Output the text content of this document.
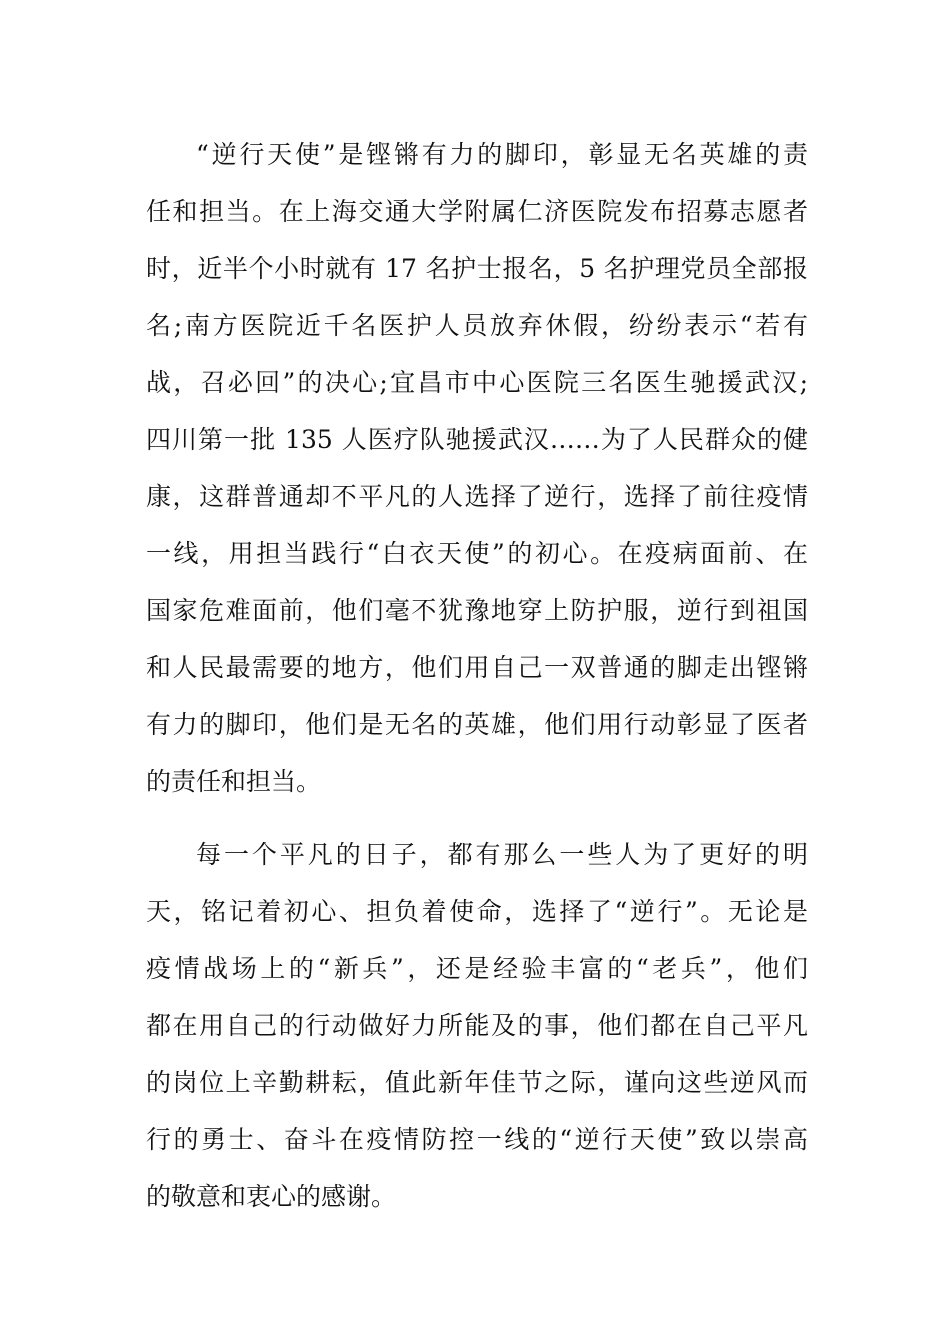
“逆行天使”是铿锵有力的脚印，彰显无名英雄的责
任和担当。在上海交通大学附属仁济医院发布招募志愿者
时，近半个小时就有 17 名护士报名，5 名护理党员全部报
名;南方医院近千名医护人员放弃休假，纷纷表示“若有
战，召必回”的决心;宜昌市中心医院三名医生驰援武汉;
四川第一批 135 人医疗队驰援武汉……为了人民群众的健
康，这群普通却不平凡的人选择了逆行，选择了前往疫情
一线，用担当践行“白衣天使”的初心。在疫病面前、在
国家危难面前，他们毫不犹豫地穿上防护服，逆行到祖国
和人民最需要的地方，他们用自己一双普通的脚走出铿锵
有力的脚印，他们是无名的英雄，他们用行动彰显了医者
的责任和担当。
每一个平凡的日子，都有那么一些人为了更好的明
天，铭记着初心、担负着使命，选择了“逆行”。无论是
疫情战场上的“新兵”，还是经验丰富的“老兵”，他们
都在用自己的行动做好力所能及的事，他们都在自己平凡
的岗位上辛勤耕耘，值此新年佳节之际，谨向这些逆风而
行的勇士、奋斗在疫情防控一线的“逆行天使”致以崇高
的敬意和衷心的感谢。
